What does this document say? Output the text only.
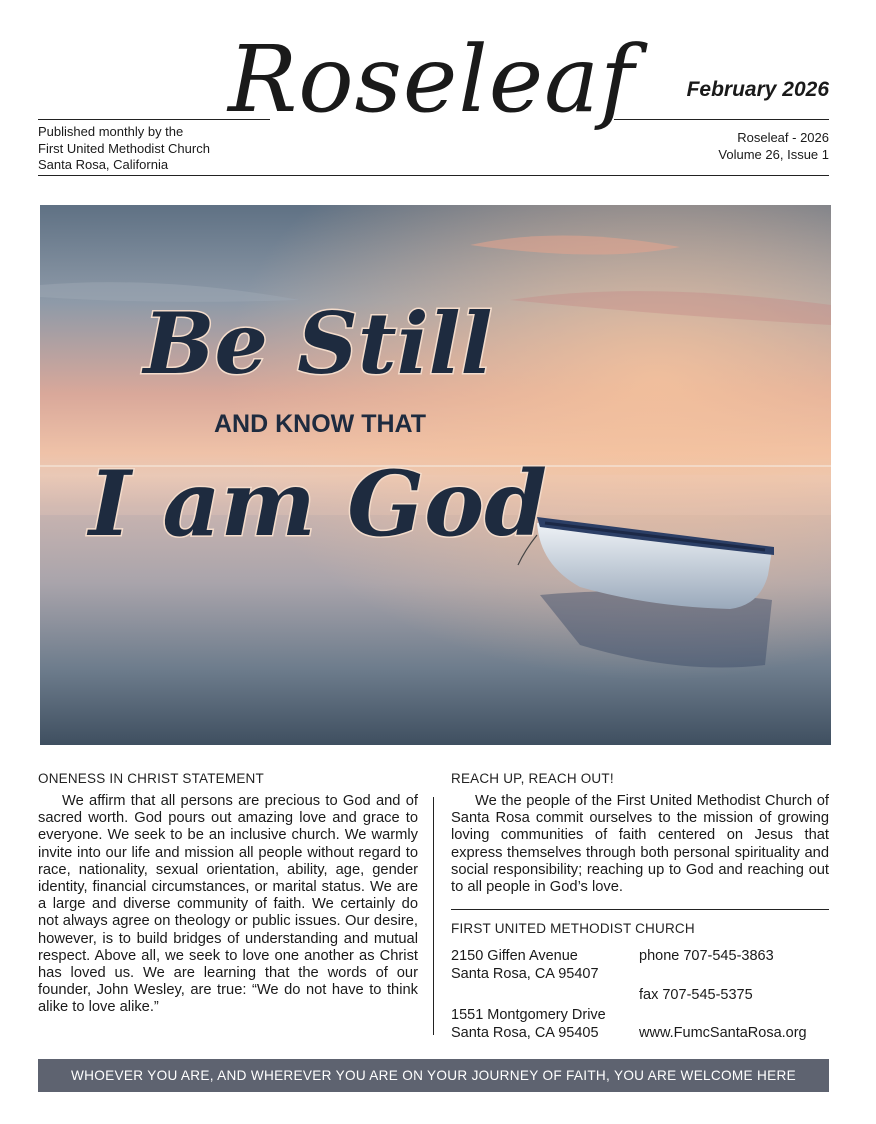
Roseleaf February 2026
Published monthly by the
First United Methodist Church
Santa Rosa, California
Roseleaf - 2026
Volume 26, Issue 1
Be Still
AND KNOW THAT
I am God
ONENESS IN CHRIST STATEMENT

We affirm that all persons are precious to God and of sacred worth. God pours out amazing love and grace to everyone. We seek to be an inclusive church. We warmly invite into our life and mission all people without regard to race, nationality, sexual orientation, ability, age, gender identity, financial circumstances, or marital status. We are a large and diverse community of faith. We certainly do not always agree on theology or public issues. Our desire, however, is to build bridges of understanding and mutual respect. Above all, we seek to love one another as Christ has loved us. We are learning that the words of our founder, John Wesley, are true: “We do not have to think alike to love alike.”

REACH UP, REACH OUT!

We the people of the First United Methodist Church of Santa Rosa commit ourselves to the mission of growing loving communities of faith centered on Jesus that express themselves through both personal spirituality and social responsibility; reaching up to God and reaching out to all people in God’s love.

FIRST UNITED METHODIST CHURCH
2150 Giffen Avenue
Santa Rosa, CA 95407
1551 Montgomery Drive
Santa Rosa, CA 95405
phone 707-545-3863
fax 707-545-5375
www.FumcSantaRosa.org
WHOEVER YOU ARE, AND WHEREVER YOU ARE ON YOUR JOURNEY OF FAITH, YOU ARE WELCOME HERE
